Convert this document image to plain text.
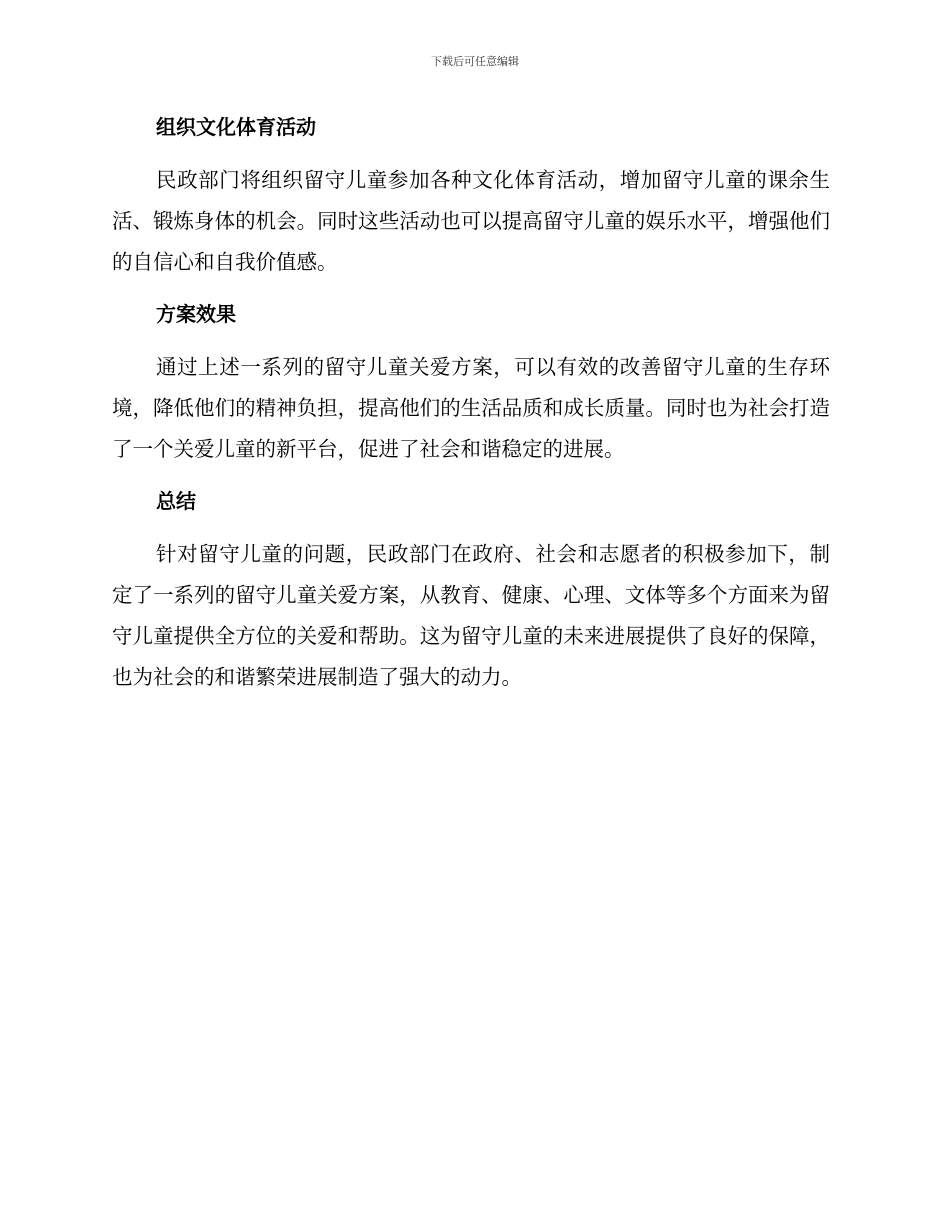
下载后可任意编辑
组织文化体育活动

民政部门将组织留守儿童参加各种文化体育活动，增加留守儿童的课余生活、锻炼身体的机会。同时这些活动也可以提高留守儿童的娱乐水平，增强他们的自信心和自我价值感。

方案效果

通过上述一系列的留守儿童关爱方案，可以有效的改善留守儿童的生存环境，降低他们的精神负担，提高他们的生活品质和成长质量。同时也为社会打造了一个关爱儿童的新平台，促进了社会和谐稳定的进展。

总结

针对留守儿童的问题，民政部门在政府、社会和志愿者的积极参加下，制定了一系列的留守儿童关爱方案，从教育、健康、心理、文体等多个方面来为留守儿童提供全方位的关爱和帮助。这为留守儿童的未来进展提供了良好的保障，也为社会的和谐繁荣进展制造了强大的动力。
